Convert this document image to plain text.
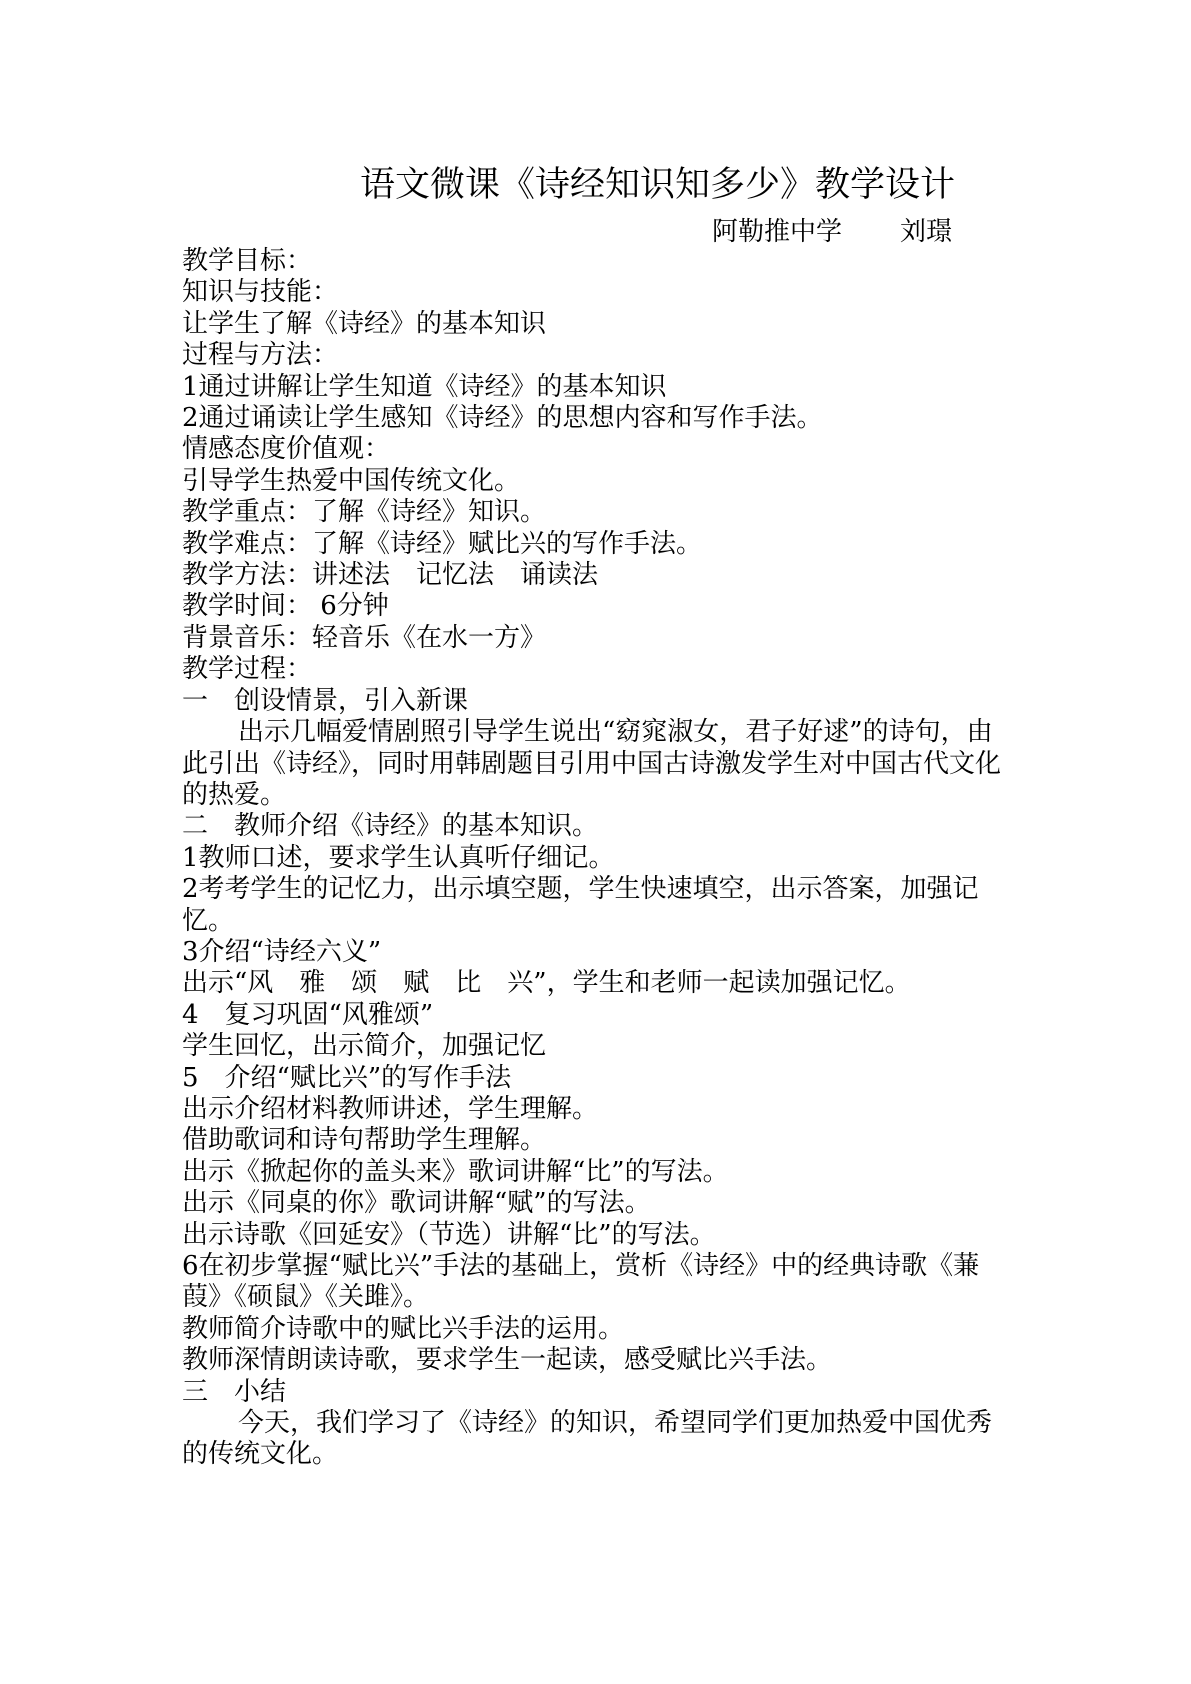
语文微课《诗经知识知多少》教学设计
阿勒推中学 刘璟

教学目标：

知识与技能：

让学生了解《诗经》的基本知识

过程与方法：

1通过讲解让学生知道《诗经》的基本知识

2通过诵读让学生感知《诗经》的思想内容和写作手法。

情感态度价值观：

引导学生热爱中国传统文化。

教学重点：了解《诗经》知识。

教学难点：了解《诗经》赋比兴的写作手法。

教学方法：讲述法　记忆法　诵读法

教学时间： 6分钟

背景音乐：轻音乐《在水一方》

教学过程：

一　创设情景，引入新课

出示几幅爱情剧照引导学生说出“窈窕淑女，君子好逑”的诗句，由此引出《诗经》，同时用韩剧题目引用中国古诗激发学生对中国古代文化的热爱。

二　教师介绍《诗经》的基本知识。

1教师口述，要求学生认真听仔细记。

2考考学生的记忆力，出示填空题，学生快速填空，出示答案，加强记忆。

3介绍“诗经六义”

出示“风　雅　颂　赋　比　兴”，学生和老师一起读加强记忆。

4　复习巩固“风雅颂”

学生回忆，出示简介，加强记忆

5　介绍“赋比兴”的写作手法

出示介绍材料教师讲述，学生理解。

借助歌词和诗句帮助学生理解。

出示《掀起你的盖头来》歌词讲解“比”的写法。

出示《同桌的你》歌词讲解“赋”的写法。

出示诗歌《回延安》（节选）讲解“比”的写法。

6在初步掌握“赋比兴”手法的基础上，赏析《诗经》中的经典诗歌《蒹葭》《硕鼠》《关雎》。

教师简介诗歌中的赋比兴手法的运用。

教师深情朗读诗歌，要求学生一起读，感受赋比兴手法。

三　小结

今天，我们学习了《诗经》的知识，希望同学们更加热爱中国优秀的传统文化。
